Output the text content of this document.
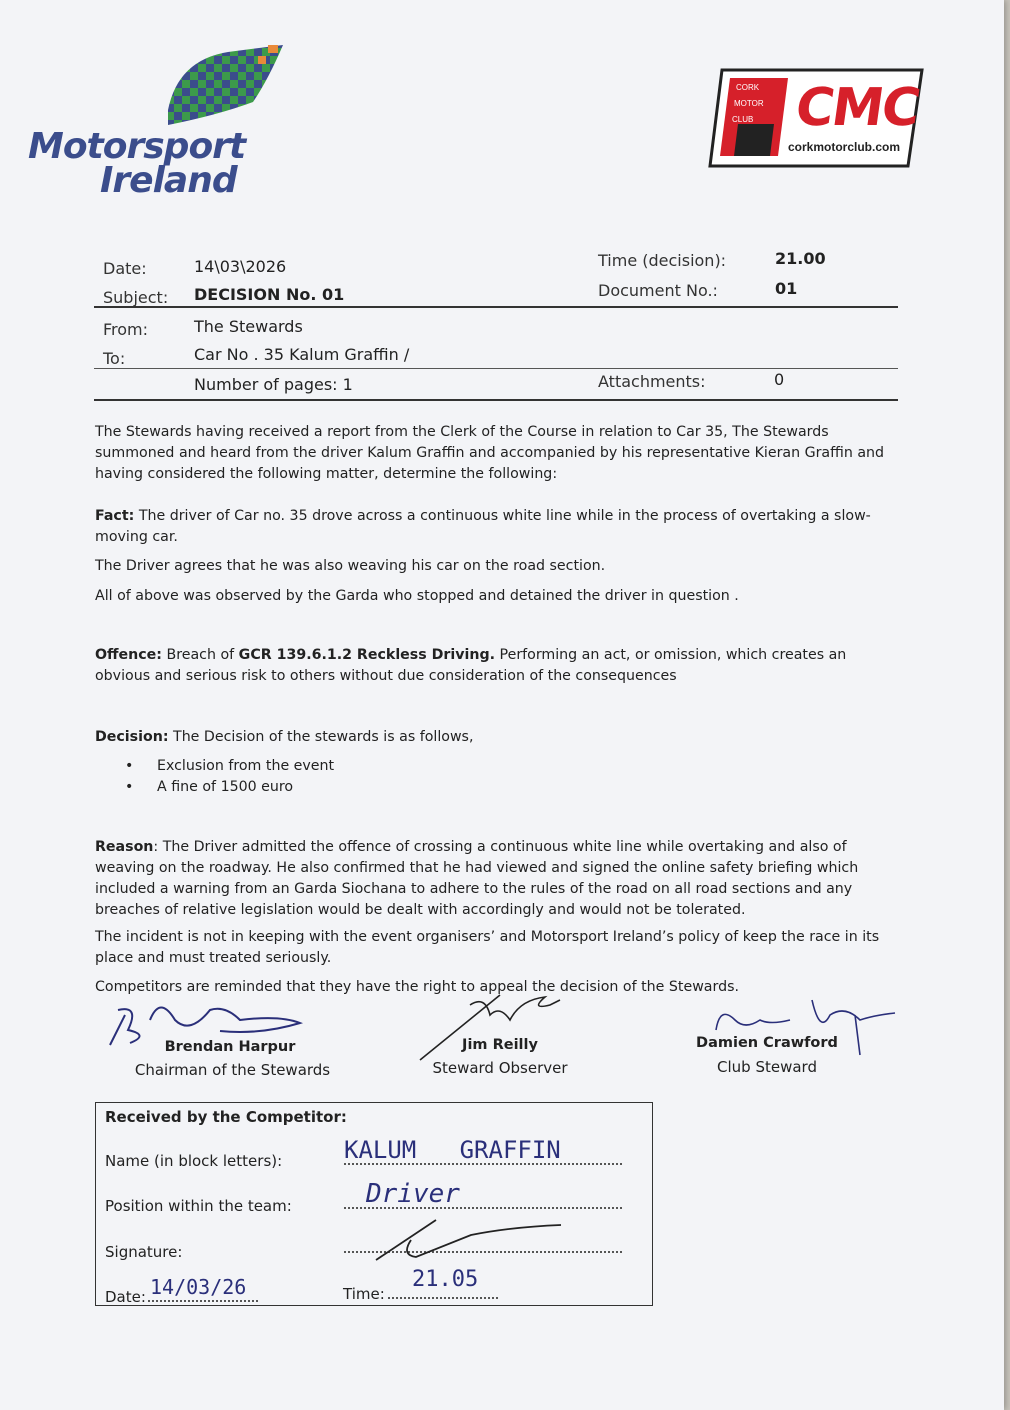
Motorsport
Ireland
CORK
MOTOR
CLUB CMC
corkmotorclub.com
Date:	14\03\2026
Subject: DECISION No. 01
Time (decision):	21.00
Document No.:	01
From:	The Stewards
To:	Car No . 35 Kalum Graffin /
Number of pages: 1	Attachments:	0
The Stewards having received a report from the Clerk of the Course in relation to Car 35, The Stewards summoned and heard from the driver Kalum Graffin and accompanied by his representative Kieran Graffin and having considered the following matter, determine the following:
Fact: The driver of Car no. 35 drove across a continuous white line while in the process of overtaking a slow-moving car.
The Driver agrees that he was also weaving his car on the road section.
All of above was observed by the Garda who stopped and detained the driver in question .
Offence: Breach of GCR 139.6.1.2 Reckless Driving. Performing an act, or omission, which creates an obvious and serious risk to others without due consideration of the consequences
Decision: The Decision of the stewards is as follows,
•	Exclusion from the event
•	A fine of 1500 euro
Reason: The Driver admitted the offence of crossing a continuous white line while overtaking and also of weaving on the roadway. He also confirmed that he had viewed and signed the online safety briefing which included a warning from an Garda Siochana to adhere to the rules of the road on all road sections and any breaches of relative legislation would be dealt with accordingly and would not be tolerated.
The incident is not in keeping with the event organisers’ and Motorsport Ireland’s policy of keep the race in its place and must treated seriously.
Competitors are reminded that they have the right to appeal the decision of the Stewards.
Brendan Harpur
Chairman of the Stewards
Jim Reilly
Steward Observer
Damien Crawford
Club Steward
Received by the Competitor:
Name (in block letters):	KALUM   GRAFFIN
Position within the team:	Driver
Signature:
Date: 14/03/26	Time:
21.05
